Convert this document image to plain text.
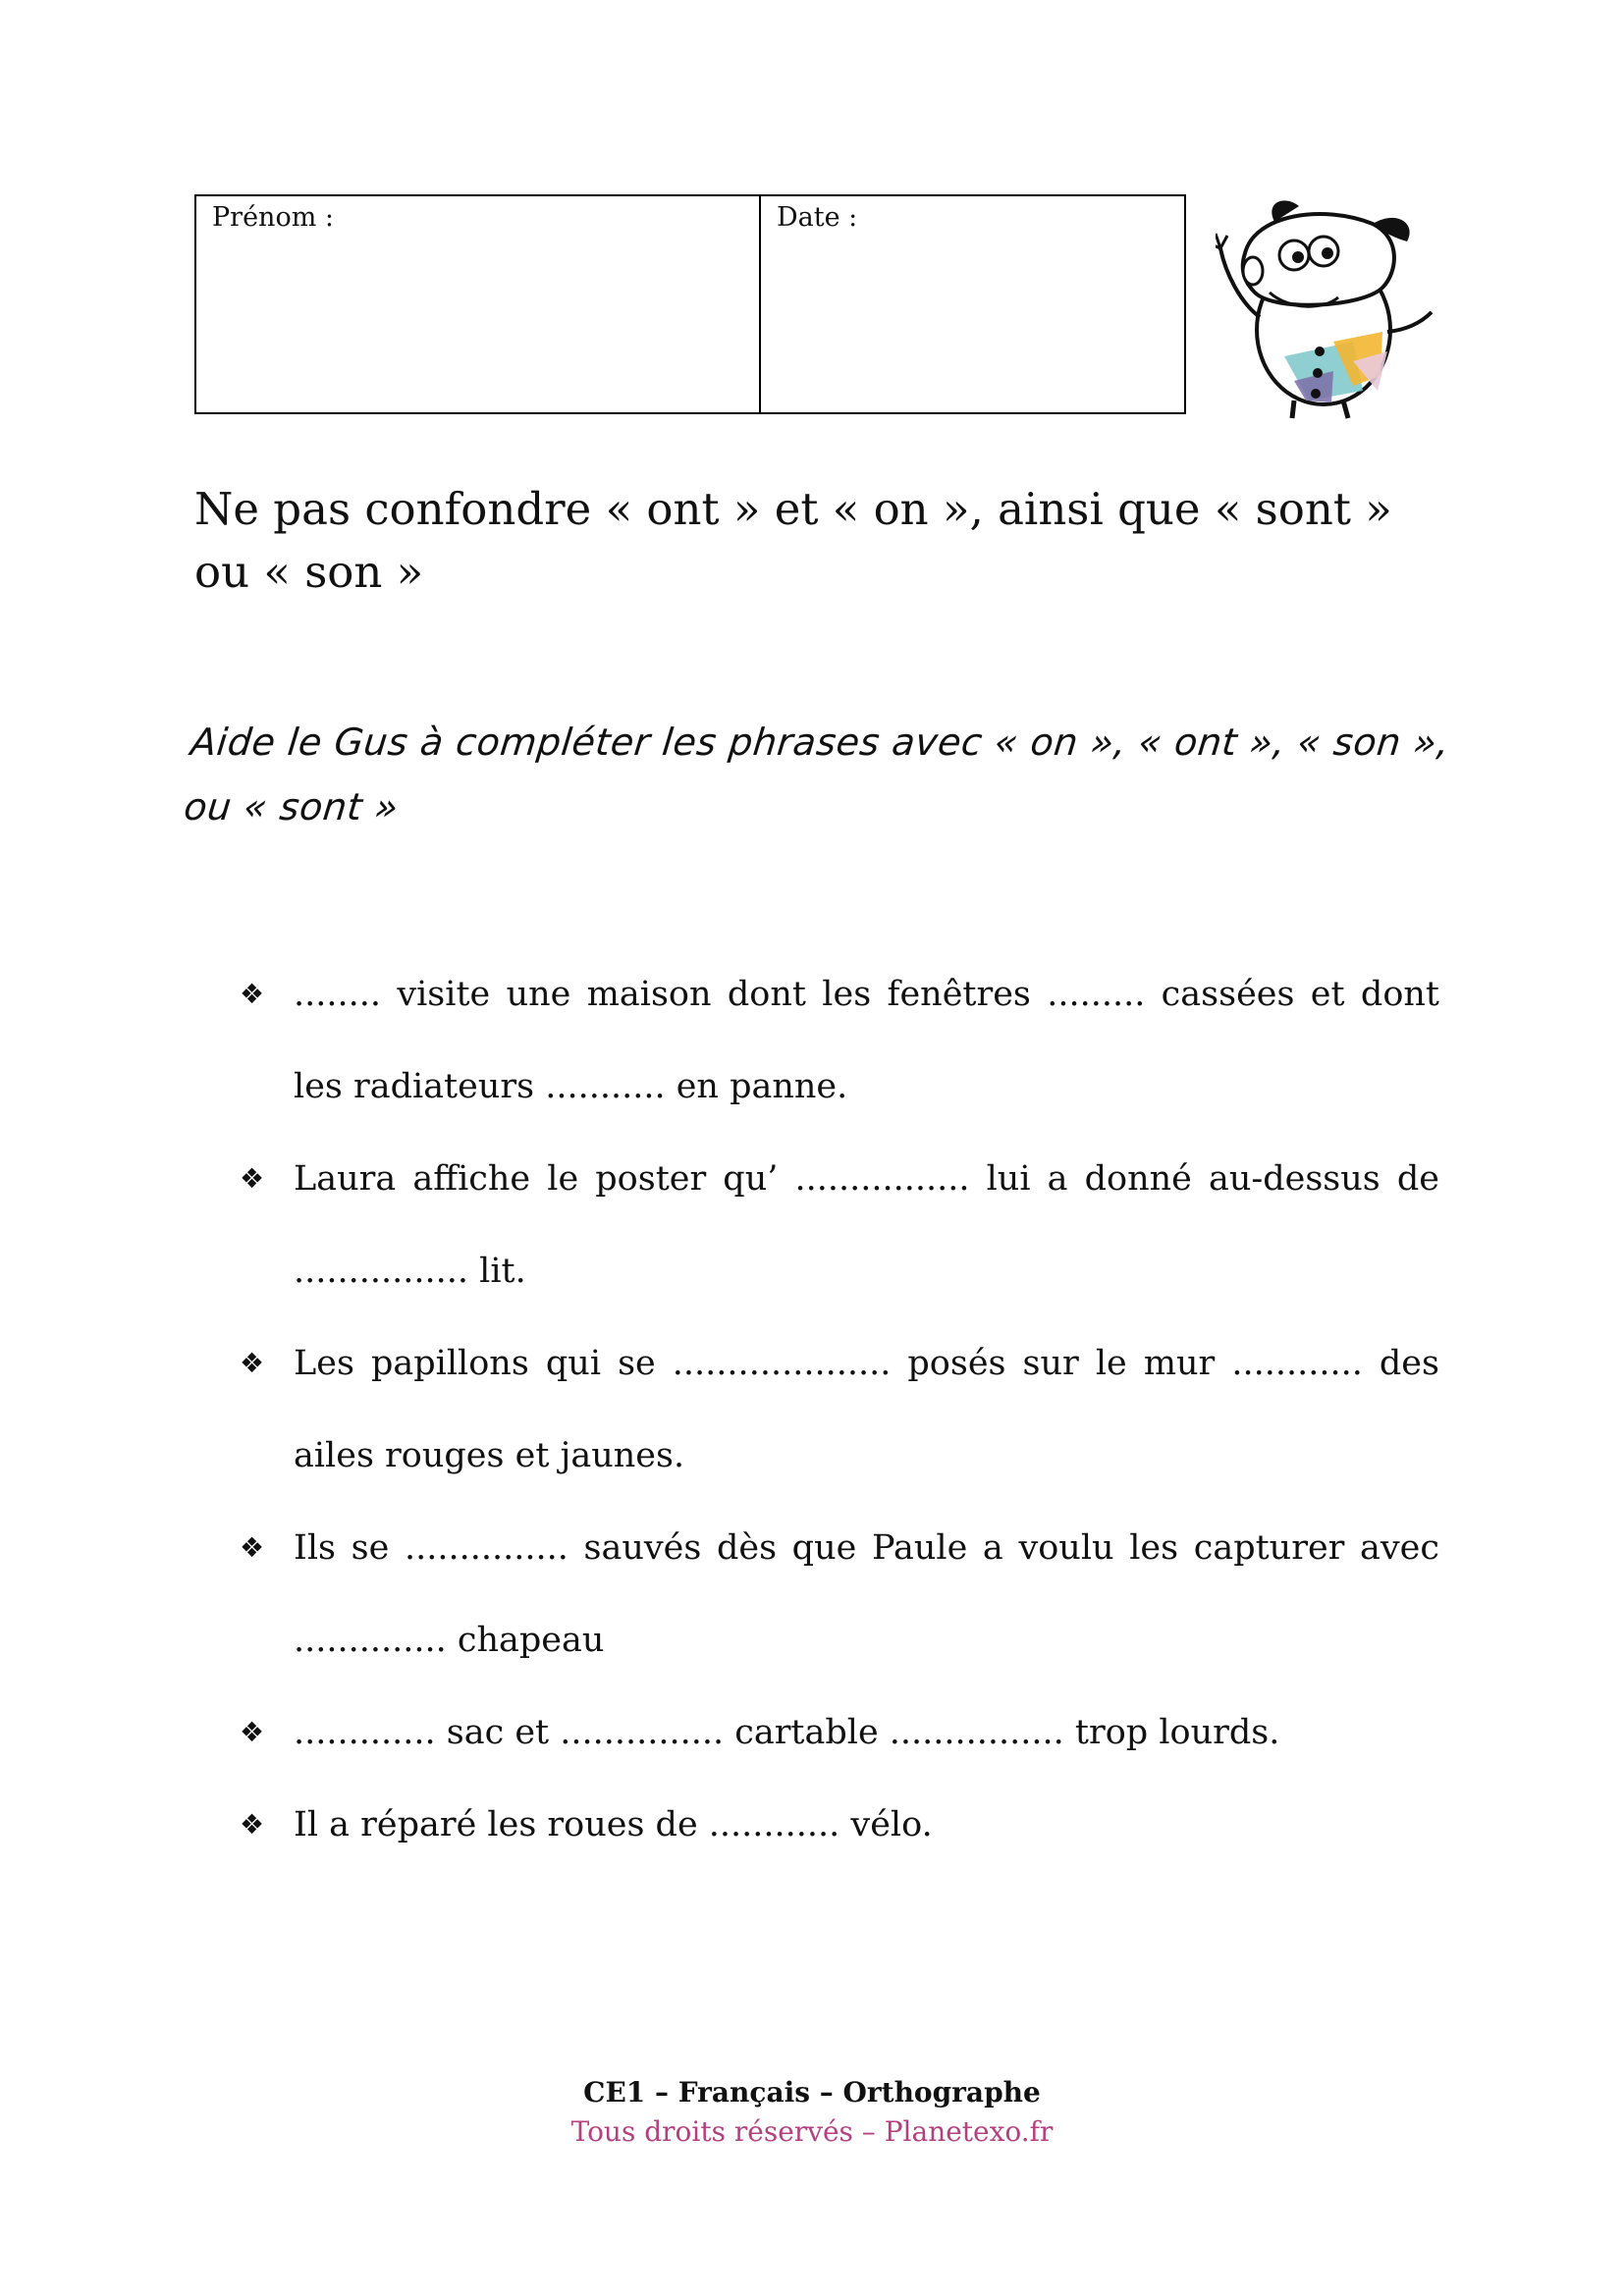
Prénom :	Date :
Ne pas confondre « ont » et « on », ainsi que « sont » ou « son »
Aide le Gus à compléter les phrases avec « on », « ont », « son », ou « sont »
❖ ........ visite une maison dont les fenêtres ......... cassées et dont les radiateurs ........... en panne.
❖ Laura affiche le poster qu’ ................ lui a donné au-dessus de ................ lit.
❖ Les papillons qui se .................... posés sur le mur ............ des ailes rouges et jaunes.
❖ Ils se ............... sauvés dès que Paule a voulu les capturer avec .............. chapeau
❖ ............. sac et ............... cartable ................ trop lourds.
❖ Il a réparé les roues de ............ vélo.
CE1 – Français – Orthographe
Tous droits réservés – Planetexo.fr
